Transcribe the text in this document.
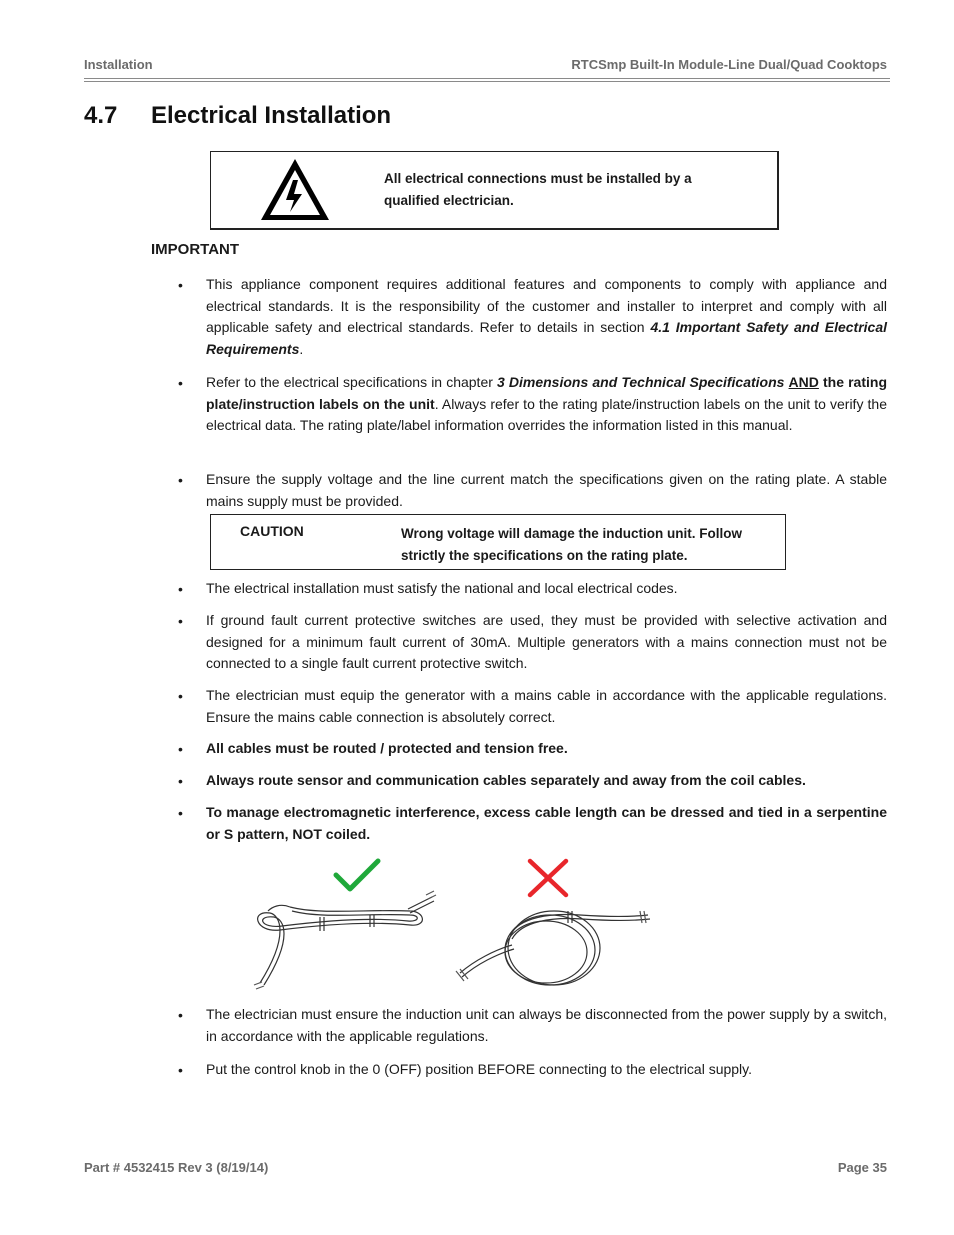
Installation	RTCSmp Built-In Module-Line Dual/Quad Cooktops
4.7 Electrical Installation
All electrical connections must be installed by a qualified electrician.
IMPORTANT
• This appliance component requires additional features and components to comply with appliance and electrical standards. It is the responsibility of the customer and installer to interpret and comply with all applicable safety and electrical standards. Refer to details in section 4.1 Important Safety and Electrical Requirements.
• Refer to the electrical specifications in chapter 3 Dimensions and Technical Specifications AND the rating plate/instruction labels on the unit. Always refer to the rating plate/instruction labels on the unit to verify the electrical data. The rating plate/label information overrides the information listed in this manual.
• Ensure the supply voltage and the line current match the specifications given on the rating plate. A stable mains supply must be provided.
CAUTION	Wrong voltage will damage the induction unit. Follow strictly the specifications on the rating plate.
• The electrical installation must satisfy the national and local electrical codes.
• If ground fault current protective switches are used, they must be provided with selective activation and designed for a minimum fault current of 30mA. Multiple generators with a mains connection must not be connected to a single fault current protective switch.
• The electrician must equip the generator with a mains cable in accordance with the applicable regulations. Ensure the mains cable connection is absolutely correct.
• All cables must be routed / protected and tension free.
• Always route sensor and communication cables separately and away from the coil cables.
• To manage electromagnetic interference, excess cable length can be dressed and tied in a serpentine or S pattern, NOT coiled.
• The electrician must ensure the induction unit can always be disconnected from the power supply by a switch, in accordance with the applicable regulations.
• Put the control knob in the 0 (OFF) position BEFORE connecting to the electrical supply.
Part # 4532415 Rev 3 (8/19/14)	Page 35
